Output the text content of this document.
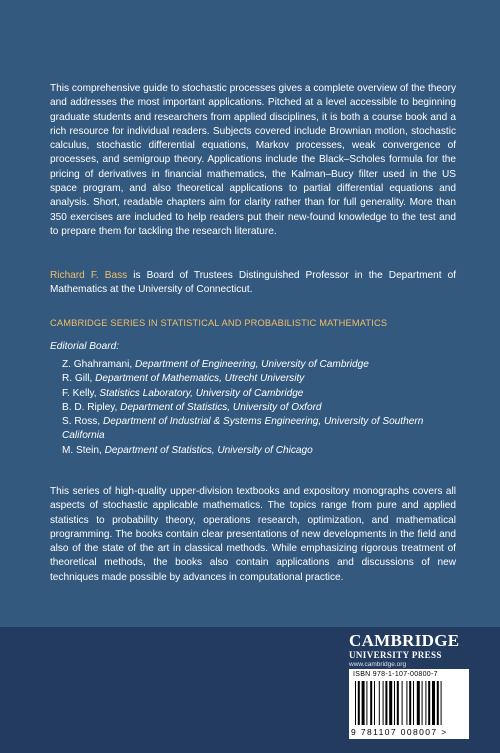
This comprehensive guide to stochastic processes gives a complete overview of the theory and addresses the most important applications. Pitched at a level accessible to beginning graduate students and researchers from applied disciplines, it is both a course book and a rich resource for individual readers. Subjects covered include Brownian motion, stochastic calculus, stochastic differential equations, Markov processes, weak convergence of processes, and semigroup theory. Applications include the Black–Scholes formula for the pricing of derivatives in financial mathematics, the Kalman–Bucy filter used in the US space program, and also theoretical applications to partial differential equations and analysis. Short, readable chapters aim for clarity rather than for full generality. More than 350 exercises are included to help readers put their new-found knowledge to the test and to prepare them for tackling the research literature.

Richard F. Bass is Board of Trustees Distinguished Professor in the Department of Mathematics at the University of Connecticut.

CAMBRIDGE SERIES IN STATISTICAL AND PROBABILISTIC MATHEMATICS
Editorial Board:
Z. Ghahramani, Department of Engineering, University of Cambridge
R. Gill, Department of Mathematics, Utrecht University
F. Kelly, Statistics Laboratory, University of Cambridge
B. D. Ripley, Department of Statistics, University of Oxford
S. Ross, Department of Industrial & Systems Engineering, University of Southern California
M. Stein, Department of Statistics, University of Chicago

This series of high-quality upper-division textbooks and expository monographs covers all aspects of stochastic applicable mathematics. The topics range from pure and applied statistics to probability theory, operations research, optimization, and mathematical programming. The books contain clear presentations of new developments in the field and also of the state of the art in classical methods. While emphasizing rigorous treatment of theoretical methods, the books also contain applications and discussions of new techniques made possible by advances in computational practice.

CAMBRIDGE
UNIVERSITY PRESS
www.cambridge.org
ISBN 978-1-107-00800-7
9 781107 008007 >
